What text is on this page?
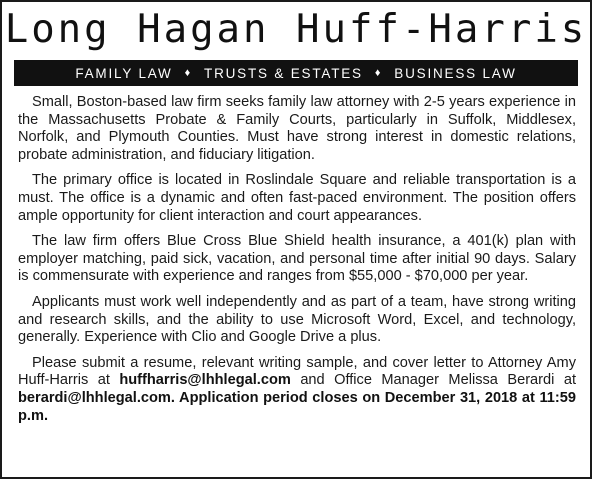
Long Hagan Huff-Harris
FAMILY LAW ♦ TRUSTS & ESTATES ♦ BUSINESS LAW

Small, Boston-based law firm seeks family law attorney with 2-5 years experience in the Massachusetts Probate & Family Courts, particularly in Suffolk, Middlesex, Norfolk, and Plymouth Counties. Must have strong interest in domestic relations, probate administration, and fiduciary litigation.

The primary office is located in Roslindale Square and reliable transportation is a must. The office is a dynamic and often fast-paced environment. The position offers ample opportunity for client interaction and court appearances.

The law firm offers Blue Cross Blue Shield health insurance, a 401(k) plan with employer matching, paid sick, vacation, and personal time after initial 90 days. Salary is commensurate with experience and ranges from $55,000 - $70,000 per year.

Applicants must work well independently and as part of a team, have strong writing and research skills, and the ability to use Microsoft Word, Excel, and technology, generally. Experience with Clio and Google Drive a plus.

Please submit a resume, relevant writing sample, and cover letter to Attorney Amy Huff-Harris at huffharris@lhhlegal.com and Office Manager Melissa Berardi at berardi@lhhlegal.com. Application period closes on December 31, 2018 at 11:59 p.m.
